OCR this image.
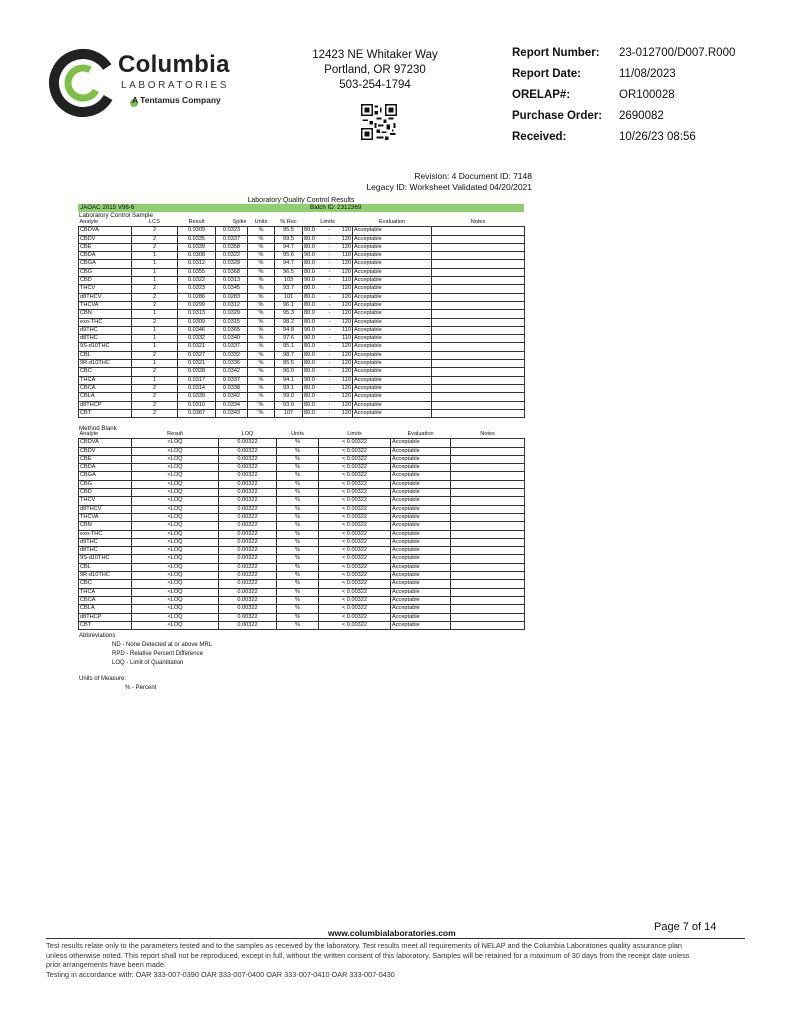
Columbia
LABORATORIES
A Tentamus Company
12423 NE Whitaker Way
Portland, OR 97230
503-254-1794
Report Number:	23-012700/D007.R000
Report Date:	11/08/2023
ORELAP#:	OR100028
Purchase Order:	2690082
Received:	10/26/23 08:56
Revision: 4 Document ID: 7148
Legacy ID: Worksheet Validated 04/20/2021
Laboratory Quality Control Results
JAOAC 2015 V98-6	Batch ID: 2312369
Laboratory Control Sample
Analyte	LCS	Result	Spike	Units	% Rec	Limits			Evaluation	Notes
CBDVA	2	0.0309	0.0323	%	95.5	80.0	-	120	Acceptable	
CBDV	2	0.0335	0.0337	%	99.5	80.0	-	120	Acceptable	
CBE	2	0.0339	0.0358	%	94.7	80.0	-	120	Acceptable	
CBDA	1	0.0308	0.0322	%	95.6	90.0	-	110	Acceptable	
CBGA	1	0.0312	0.0329	%	94.7	80.0	-	120	Acceptable	
CBG	1	0.0355	0.0368	%	96.5	80.0	-	120	Acceptable	
CBD	1	0.0322	0.0313	%	103	90.0	-	110	Acceptable	
THCV	2	0.0323	0.0345	%	93.7	80.0	-	120	Acceptable	
d8THCV	2	0.0286	0.0283	%	101	80.0	-	120	Acceptable	
THCVA	2	0.0299	0.0312	%	96.1	80.0	-	120	Acceptable	
CBN	1	0.0313	0.0329	%	95.3	80.0	-	120	Acceptable	
exo-THC	2	0.0309	0.0315	%	98.2	80.0	-	120	Acceptable	
d9THC	1	0.0346	0.0365	%	94.8	90.0	-	110	Acceptable	
d8THC	1	0.0332	0.0340	%	97.6	90.0	-	110	Acceptable	
9S-d10THC	1	0.0321	0.0337	%	95.1	80.0	-	120	Acceptable	
CBL	2	0.0327	0.0332	%	98.7	80.0	-	120	Acceptable	
9R-d10THC	1	0.0321	0.0336	%	95.5	80.0	-	120	Acceptable	
CBC	2	0.0328	0.0342	%	96.0	80.0	-	120	Acceptable	
THCA	1	0.0317	0.0337	%	94.1	90.0	-	110	Acceptable	
CBCA	2	0.0314	0.0338	%	93.1	80.0	-	120	Acceptable	
CBLA	2	0.0339	0.0342	%	99.0	80.0	-	120	Acceptable	
d8THCP	2	0.0310	0.0334	%	93.0	80.0	-	120	Acceptable	
CBT	2	0.0367	0.0343	%	107	80.0	-	120	Acceptable	
Method Blank
Analyte	Result	LOQ	Units	Limits	Evaluation	Notes
CBDVA	<LOQ	0.00322	%	< 0.00322	Acceptable	
CBDV	<LOQ	0.00322	%	< 0.00322	Acceptable	
CBE	<LOQ	0.00322	%	< 0.00322	Acceptable	
CBDA	<LOQ	0.00322	%	< 0.00322	Acceptable	
CBGA	<LOQ	0.00322	%	< 0.00322	Acceptable	
CBG	<LOQ	0.00322	%	< 0.00322	Acceptable	
CBD	<LOQ	0.00322	%	< 0.00322	Acceptable	
THCV	<LOQ	0.00322	%	< 0.00322	Acceptable	
d8THCV	<LOQ	0.00322	%	< 0.00322	Acceptable	
THCVA	<LOQ	0.00322	%	< 0.00322	Acceptable	
CBN	<LOQ	0.00322	%	< 0.00322	Acceptable	
exo-THC	<LOQ	0.00322	%	< 0.00322	Acceptable	
d9THC	<LOQ	0.00322	%	< 0.00322	Acceptable	
d8THC	<LOQ	0.00322	%	< 0.00322	Acceptable	
9S-d10THC	<LOQ	0.00322	%	< 0.00322	Acceptable	
CBL	<LOQ	0.00322	%	< 0.00322	Acceptable	
9R-d10THC	<LOQ	0.00322	%	< 0.00322	Acceptable	
CBC	<LOQ	0.00322	%	< 0.00322	Acceptable	
THCA	<LOQ	0.00322	%	< 0.00322	Acceptable	
CBCA	<LOQ	0.00322	%	< 0.00322	Acceptable	
CBLA	<LOQ	0.00322	%	< 0.00322	Acceptable	
d8THCP	<LOQ	0.00322	%	< 0.00322	Acceptable	
CBT	<LOQ	0.00322	%	< 0.00322	Acceptable	
Abbreviations
ND - None Detected at or above MRL
RPD - Relative Percent Difference
LOQ - Limit of Quantitation
Units of Measure:
% - Percent
Page 7 of 14
www.columbialaboratories.com
Test results relate only to the parameters tested and to the samples as received by the laboratory. Test results meet all requirements of NELAP and the Columbia Laboratories quality assurance plan
unless otherwise noted. This report shall not be reproduced, except in full, without the written consent of this laboratory. Samples will be retained for a maximum of 30 days from the receipt date unless
prior arrangements have been made.
Testing in accordance with: OAR 333-007-0390 OAR 333-007-0400 OAR 333-007-0410 OAR 333-007-0430
